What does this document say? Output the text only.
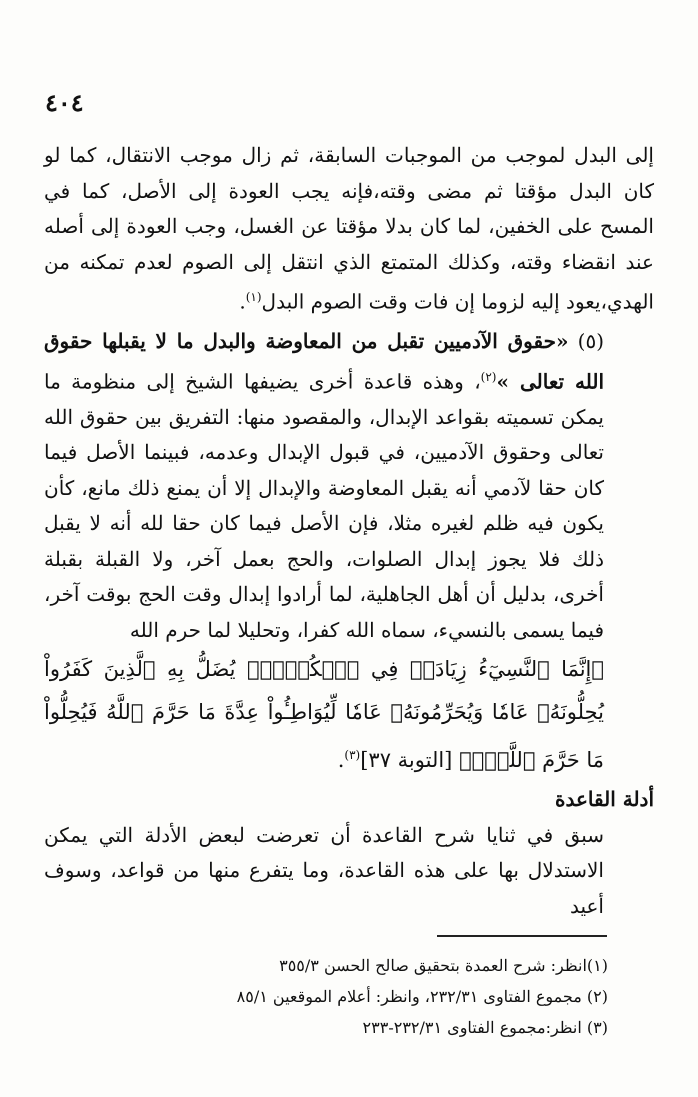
٤٠٤

إلى البدل لموجب من الموجبات السابقة، ثم زال موجب الانتقال، كما لو كان البدل مؤقتا ثم مضى وقته،فإنه يجب العودة إلى الأصل، كما في المسح على الخفين، لما كان بدلا مؤقتا عن الغسل، وجب العودة إلى أصله عند انقضاء وقته، وكذلك المتمتع الذي انتقل إلى الصوم لعدم تمكنه من الهدي،يعود إليه لزوما إن فات وقت الصوم البدل$^{(١)}$.

(٥) «حقوق الآدميين تقبل من المعاوضة والبدل ما لا يقبلها حقوق الله تعالى »$^{(٢)}$، وهذه قاعدة أخرى يضيفها الشيخ إلى منظومة ما يمكن تسميته بقواعد الإبدال، والمقصود منها: التفريق بين حقوق الله تعالى وحقوق الآدميين، في قبول الإبدال وعدمه، فبينما الأصل فيما كان حقا لآدمي أنه يقبل المعاوضة والإبدال إلا أن يمنع ذلك مانع، كأن يكون فيه ظلم لغيره مثلا، فإن الأصل فيما كان حقا لله أنه لا يقبل ذلك فلا يجوز إبدال الصلوات، والحج بعمل آخر، ولا القبلة بقبلة أخرى، بدليل أن أهل الجاهلية، لما أرادوا إبدال وقت الحج بوقت آخر، فيما يسمى بالنسيء، سماه الله كفرا، وتحليلا لما حرم الله
﴿إِنَّمَا ٱلنَّسِيٓءُ زِيَادَةٞ فِي ٱلۡكُفۡرِۖ يُضَلُّ بِهِ ٱلَّذِينَ كَفَرُواْ يُحِلُّونَهُۥ عَامٗا وَيُحَرِّمُونَهُۥ عَامٗا لِّيُوَاطِـُٔواْ عِدَّةَ مَا حَرَّمَ ٱللَّهُ فَيُحِلُّواْ مَا حَرَّمَ ٱللَّهُۚ﴾ [التوبة ٣٧]$^{(٣)}$.

أدلة القاعدة

سبق في ثنايا شرح القاعدة أن تعرضت لبعض الأدلة التي يمكن الاستدلال بها على هذه القاعدة، وما يتفرع منها من قواعد، وسوف أعيد

(١)انظر: شرح العمدة بتحقيق صالح الحسن ٣٥٥/٣

(٢) مجموع الفتاوى ٢٣٢/٣١، وانظر: أعلام الموقعين ٨٥/١

(٣) انظر:مجموع الفتاوى ٢٣٢/٣١-٢٣٣
